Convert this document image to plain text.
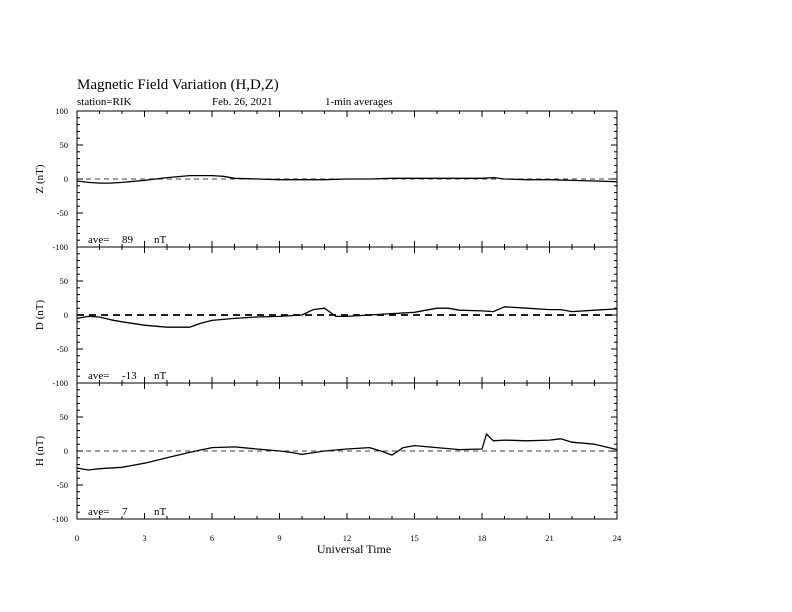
Magnetic Field Variation (H,D,Z)
station=RIK	Feb. 26, 2021	1-min averages
Universal Time
Z (nT)
100
50
0
-50
-100
ave= 89 nT
D (nT)
50
0
-50
-100
ave= -13 nT
H (nT)
50
0
-50
-100
ave= 7 nT
0	3	6	9	12	15	18	21	24
